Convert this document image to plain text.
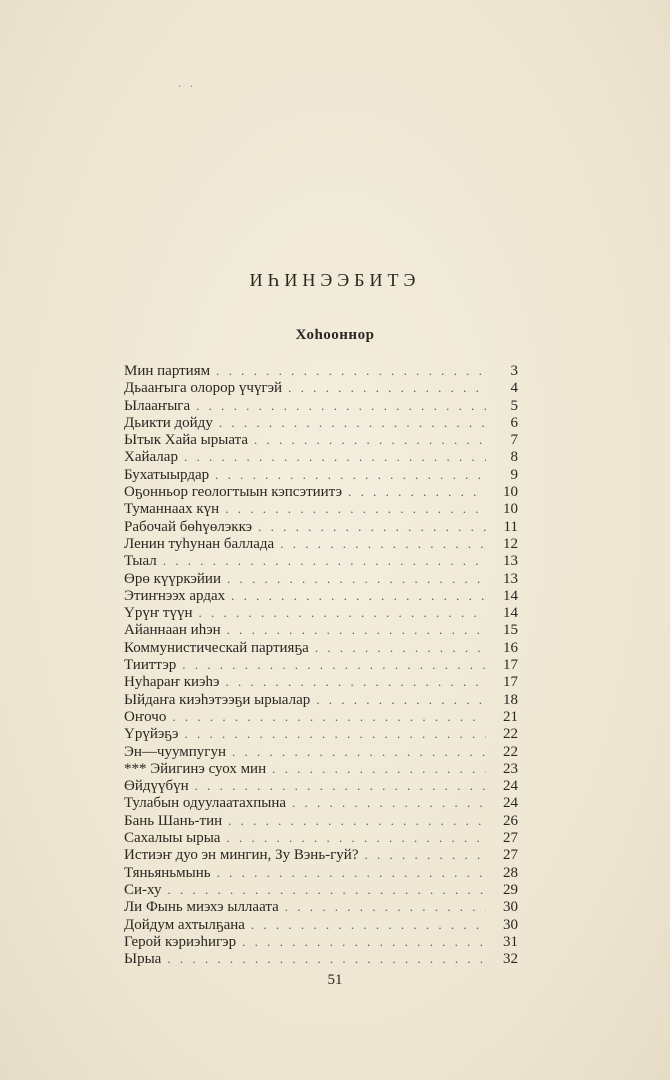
. .
ИҺИНЭЭБИТЭ
Хоһооннор
Мин партиям . . .	3
Дьааҥыга олорор үчүгэй . . .	4
Ылааҥыга . . .	5
Дьикти дойду . . .	6
Ытык Хайа ырыата . . .	7
Хайалар . . .	8
Бухатыырдар . . .	9
Оҕонньор геологтыын кэпсэтиитэ . . .	10
Туманнаах күн . . .	10
Рабочай бөһүөлэккэ . . .	11
Ленин туһунан баллада . . .	12
Тыал . . .	13
Өрө күүркэйии . . .	13
Этиҥнээх ардах . . .	14
Үрүҥ түүн . . .	14
Айаннаан иһэн . . .	15
Коммунистическай партияҕа . . .	16
Тииттэр . . .	17
Нуһараҥ киэһэ . . .	17
Ыйдаҥа киэһэтээҕи ырыалар . . .	18
Оҥочо . . .	21
Үрүйэҕэ . . .	22
Эн—чуумпугун . . .	22
*** Эйигинэ суох мин . . .	23
Өйдүүбүн . . .	24
Тулабын одуулаатахпына . . .	24
Бань Шань-тин . . .	26
Сахалыы ырыа . . .	27
Истиэҥ дуо эн мингин, Зу Вэнь-гуй? . . .	27
Тяньяньмынь . . .	28
Си-ху . . .	29
Ли Фынь миэхэ ыллаата . . .	30
Дойдум ахтылҕана . . .	30
Герой кэриэһигэр . . .	31
Ырыа . . .	32
51
